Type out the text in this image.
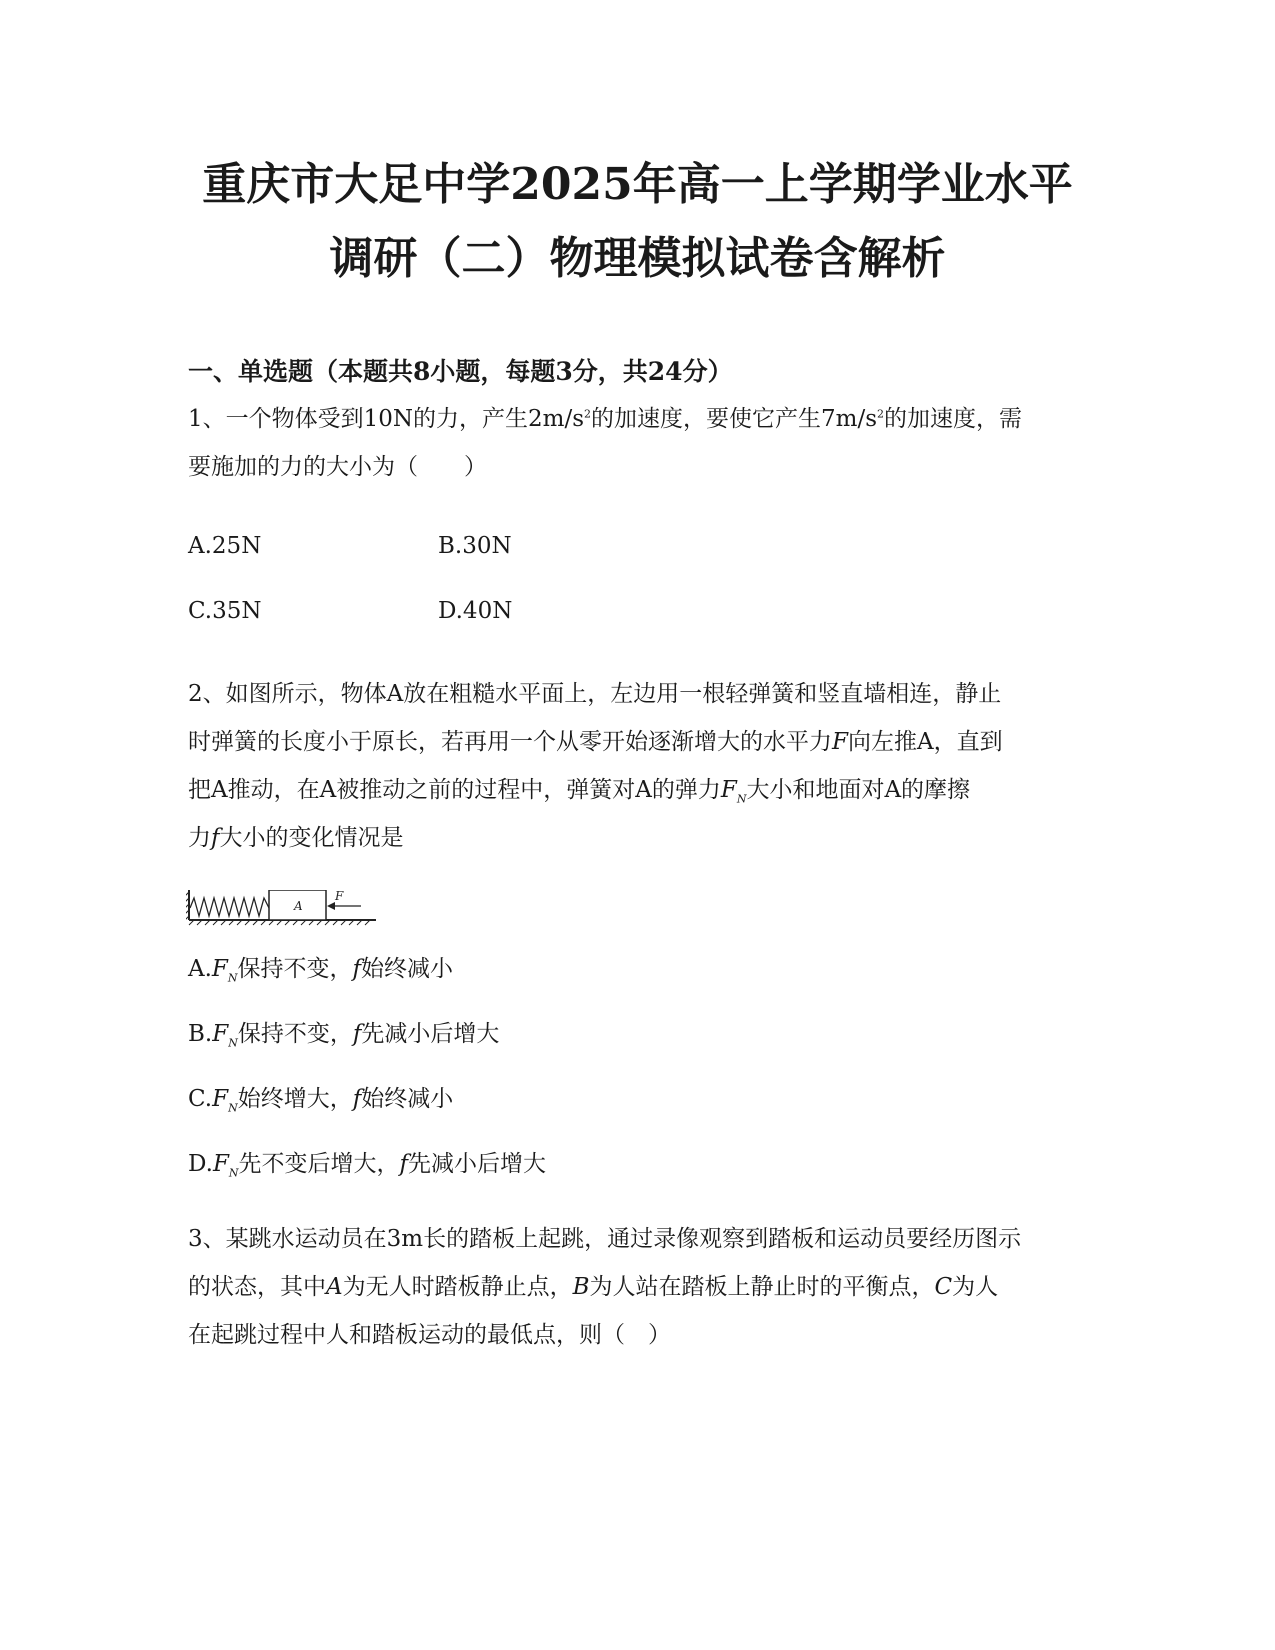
重庆市大足中学2025年高一上学期学业水平
调研（二）物理模拟试卷含解析
一、单选题（本题共8小题，每题3分，共24分）
1、一个物体受到10N的力，产生$2m/s^2$的加速度，要使它产生$7m/s^2$的加速度，需
要施加的力的大小为（　　）
A.25N	B.30N
C.35N	D.40N
2、如图所示，物体A放在粗糙水平面上，左边用一根轻弹簧和竖直墙相连，静止
时弹簧的长度小于原长，若再用一个从零开始逐渐增大的水平力F向左推A，直到
把A推动，在A被推动之前的过程中，弹簧对A的弹力$F_N$大小和地面对A的摩擦
力f大小的变化情况是
A
F
$A.F_N$保持不变，f始终减小
$B.F_N$保持不变，f先减小后增大
$C.F_N$始终增大，f始终减小
$D.F_N$先不变后增大，f先减小后增大
3、某跳水运动员在3m长的踏板上起跳，通过录像观察到踏板和运动员要经历图示
的状态，其中A为无人时踏板静止点，B为人站在踏板上静止时的平衡点，C为人
在起跳过程中人和踏板运动的最低点，则（　）
